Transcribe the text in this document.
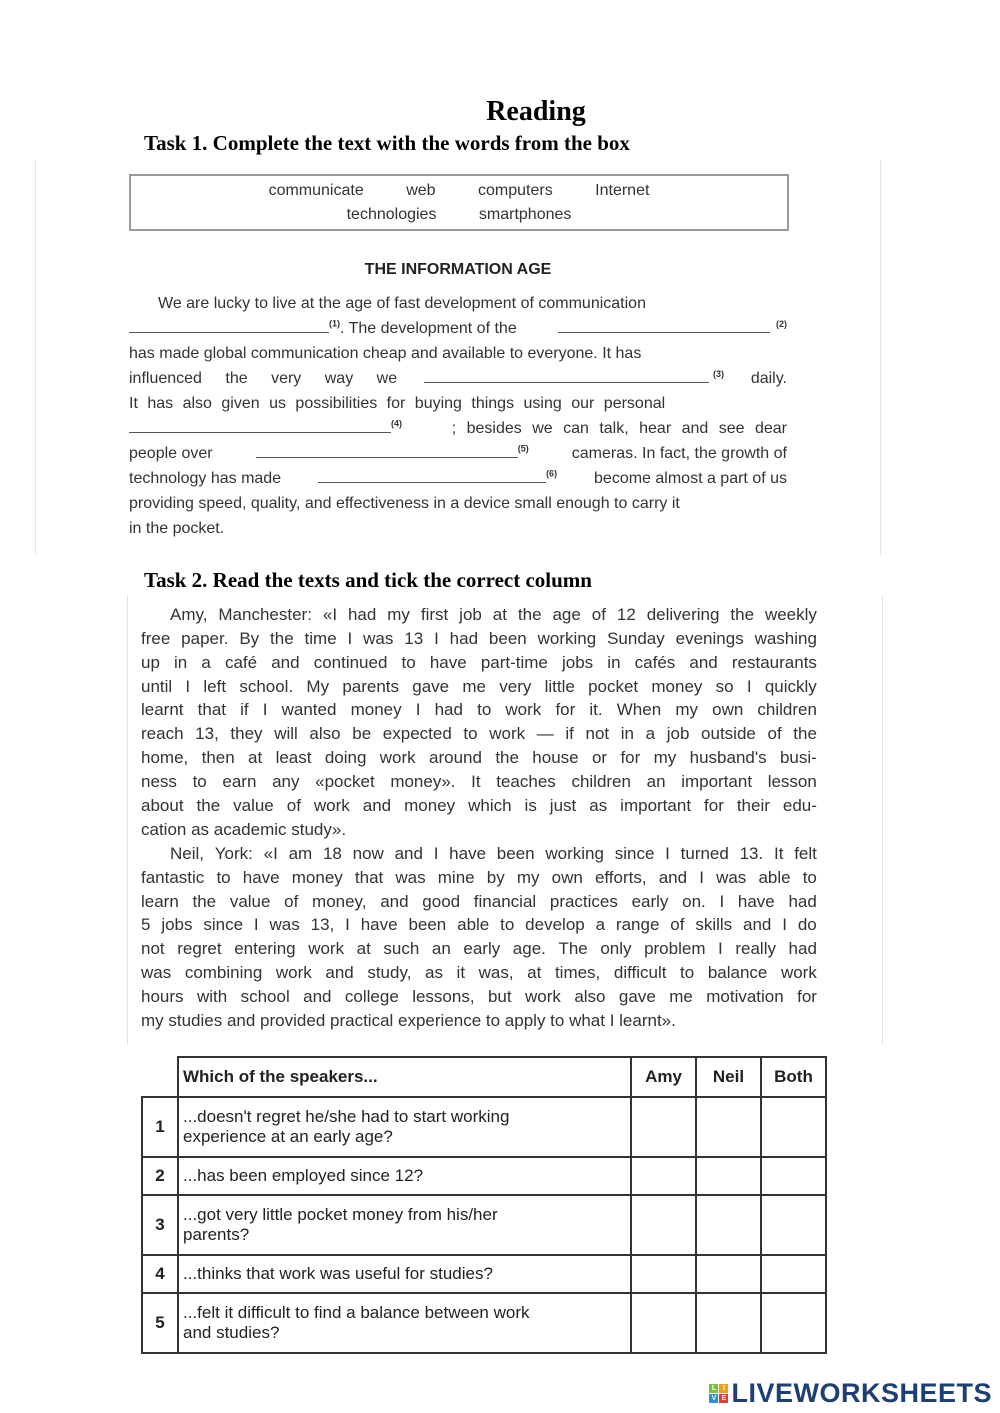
Reading
Task 1. Complete the text with the words from the box
communicate	web	computers	Internet
technologies	smartphones
THE INFORMATION AGE
We are lucky to live at the age of fast development of communication
$^{(1)}$. The development of the	$^{(2)}$
has made global communication cheap and available to everyone. It has
influenced the very way we	$^{(3)}$ daily.
It has also given us possibilities for buying things using our personal
$^{(4)}$	; besides we can talk, hear and see dear
people over	$^{(5)}$	cameras. In fact, the growth of
technology has made	$^{(6)}$ become almost a part of us
providing speed, quality, and effectiveness in a device small enough to carry it
in the pocket.
Task 2. Read the texts and tick the correct column
Amy, Manchester: «I had my first job at the age of 12 delivering the weekly
free paper. By the time I was 13 I had been working Sunday evenings washing
up in a café and continued to have part-time jobs in cafés and restaurants
until I left school. My parents gave me very little pocket money so I quickly
learnt that if I wanted money I had to work for it. When my own children
reach 13, they will also be expected to work — if not in a job outside of the
home, then at least doing work around the house or for my husband's busi-
ness to earn any «pocket money». It teaches children an important lesson
about the value of work and money which is just as important for their edu-
cation as academic study».
Neil, York: «I am 18 now and I have been working since I turned 13. It felt
fantastic to have money that was mine by my own efforts, and I was able to
learn the value of money, and good financial practices early on. I have had
5 jobs since I was 13, I have been able to develop a range of skills and I do
not regret entering work at such an early age. The only problem I really had
was combining work and study, as it was, at times, difficult to balance work
hours with school and college lessons, but work also gave me motivation for
my studies and provided practical experience to apply to what I learnt».
	Which of the speakers...	Amy	Neil	Both
1	...doesn't regret he/she had to start working
experience at an early age?			

2	...has been employed since 12?			

3	...got very little pocket money from his/her
parents?			

4	...thinks that work was useful for studies?			

5	...felt it difficult to find a balance between work
and studies?			

L I
V E LIVEWORKSHEETS
